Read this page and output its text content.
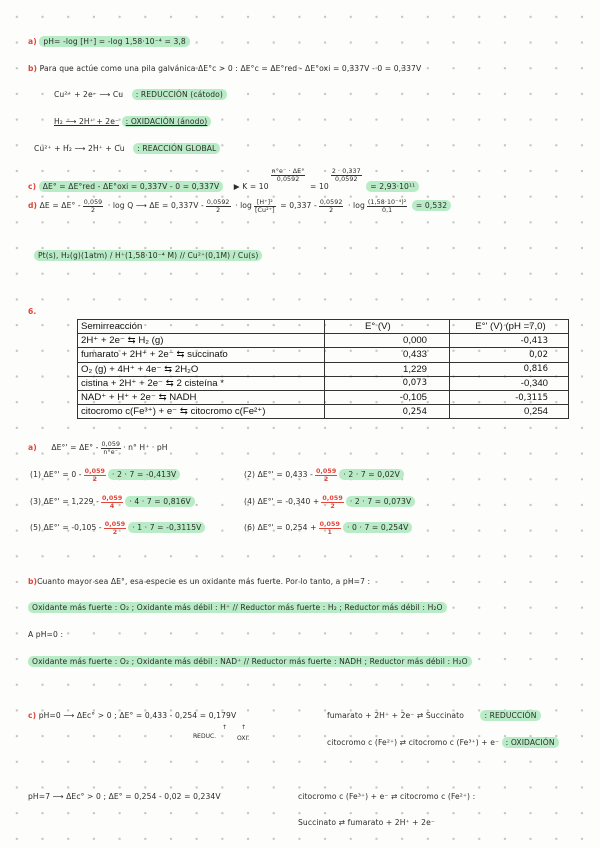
a) pH= -log [H⁺] = -log 1,58·10⁻⁴ = 3,8
b) Para que actúe como una pila galvánica ΔE°c > 0 : ΔE°c = ΔE°red - ΔE°oxi = 0,337V - 0 = 0,337V
Cu²⁺ + 2e⁻ ⟶ Cu : REDUCCIÓN (cátodo)
H₂ ⟶ 2H⁺ + 2e⁻ : OXIDACIÓN (ánodo)
Cu²⁺ + H₂ ⟶ 2H⁺ + Cu : REACCIÓN GLOBAL
c) ΔE° = ΔE°red - ΔE°oxi = 0,337V - 0 = 0,337V ▶ K = 10
$\frac{n^\circ e^- \cdot \Delta E^\circ}{0,0592}$
= 10
$\frac{2 \cdot 0,337}{0,0592}$
= 2,93·10¹¹
d) $\Delta E = \Delta E^\circ - \frac{0,059}{2} \cdot \log Q$ ⟶ $\Delta E = 0,337V - \frac{0,0592}{2} \cdot \log \frac{\text{[H⁺]²}}{\text{[Cu²⁺]}} = 0,337 - \frac{0,0592}{2} \cdot \log \frac{\text{(1,58·10⁻⁴)²}}{0,1} = 0,532$
Pt(s), H₂(g)(1atm) / H⁺(1,58·10⁻⁴ M) // Cu²⁺(0,1M) / Cu(s)
6.
Semirreacción	E° (V)	E°' (V) (pH =7,0)
2H⁺ + 2e⁻ ⇆ H₂ (g)	0,000	-0,413
fumarato + 2H⁺ + 2e⁻ ⇆ succinato	0,433	0,02
O₂ (g) + 4H⁺ + 4e⁻ ⇆ 2H₂O	1,229	0,816
cistina + 2H⁺ + 2e⁻ ⇆ 2 cisteína *	0,073	-0,340
NAD⁺ + H⁺ + 2e⁻ ⇆ NADH	-0,105	-0,3115
citocromo c(Fe³⁺) + e⁻ ⇆ citocromo c(Fe²⁺)	0,254	0,254
a) $\Delta E^\circ' = \Delta E^\circ - \frac{0,059}{n^\circ e^-} \cdot n^\circ$ H⁺ · pH
(1) $\Delta E^\circ' = 0 - \frac{0,059}{2} \cdot 2 \cdot 7 = -0,413V$	(2) $\Delta E^\circ' = 0,433 - \frac{0,059}{2} \cdot 2 \cdot 7 = 0,02V$
(3) $\Delta E^\circ' = 1,229 - \frac{0,059}{4} \cdot 4 \cdot 7 = 0,816V$	(4) $\Delta E^\circ' = -0,340 + \frac{0,059}{2} \cdot 2 \cdot 7 = 0,073V$
(5) $\Delta E^\circ' = -0,105 - \frac{0,059}{2} \cdot 1 \cdot 7 = -0,3115V$	(6) $\Delta E^\circ' = 0,254 + \frac{0,059}{1} \cdot 0 \cdot 7 = 0,254V$
b)Cuanto mayor sea ΔE°, esa especie es un oxidante más fuerte. Por lo tanto, a pH=7 :
Oxidante más fuerte : O₂ ; Oxidante más débil : H⁺ // Reductor más fuerte : H₂ ; Reductor más débil : H₂O
A pH=0 :
Oxidante más fuerte : O₂ ; Oxidante más débil : NAD⁺ // Reductor más fuerte : NADH ; Reductor más débil : H₂O
c) pH=0 ⟶ ΔEc° > 0 ; ΔE° = 0,433 - 0,254 = 0,179V
↑ ↑
REDUC.	OXI.
fumarato + 2H⁺ + 2e⁻ ⇄ Succinato	: REDUCCIÓN
citocromo c (Fe²⁺) ⇄ citocromo c (Fe³⁺) + e⁻ : OXIDACIÓN
pH=7 ⟶ ΔEc° > 0 ; ΔE° = 0,254 - 0,02 = 0,234V	citocromo c (Fe³⁺) + e⁻ ⇄ citocromo c (Fe²⁺) :
Succinato ⇄ fumarato + 2H⁺ + 2e⁻
